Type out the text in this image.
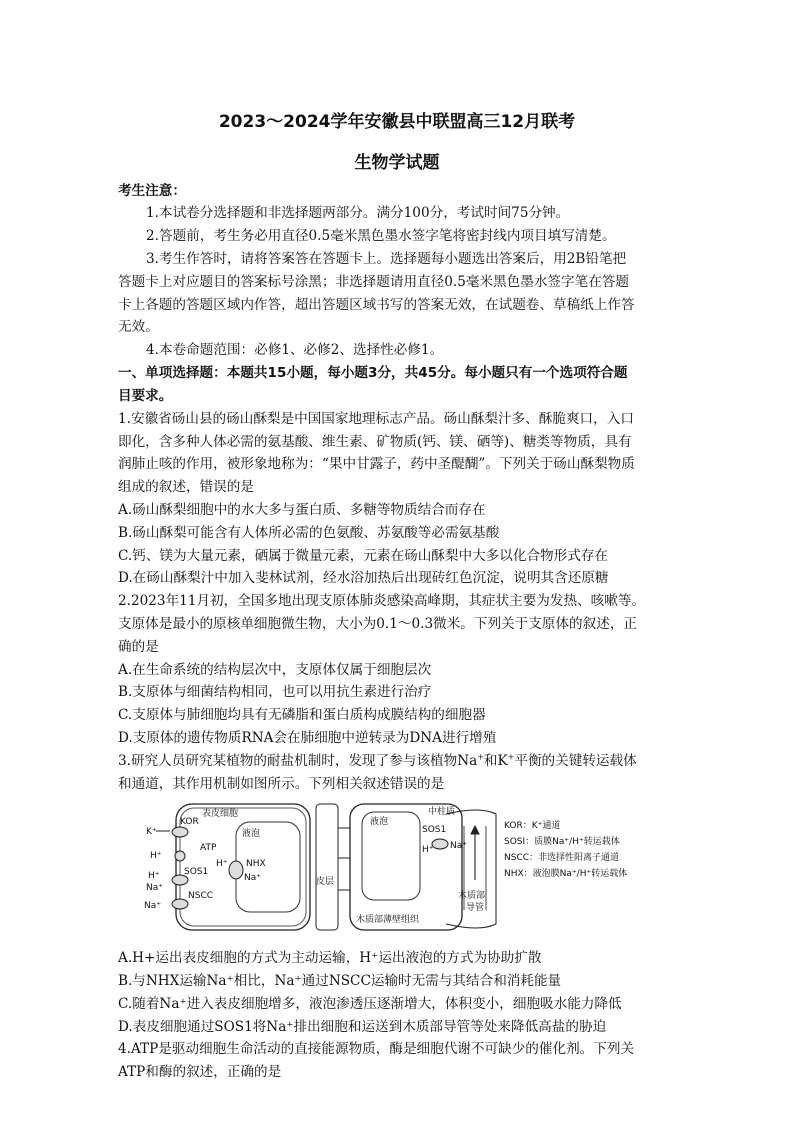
2023～2024学年安徽县中联盟高三12月联考
生物学试题
考生注意：
1.本试卷分选择题和非选择题两部分。满分100分，考试时间75分钟。
2.答题前，考生务必用直径0.5毫米黑色墨水签字笔将密封线内项目填写清楚。
3.考生作答时，请将答案答在答题卡上。选择题每小题选出答案后，用2B铅笔把
答题卡上对应题目的答案标号涂黑；非选择题请用直径0.5毫米黑色墨水签字笔在答题
卡上各题的答题区域内作答，超出答题区域书写的答案无效，在试题卷、草稿纸上作答
无效。
4.本卷命题范围：必修1、必修2、选择性必修1。
一、单项选择题：本题共15小题，每小题3分，共45分。每小题只有一个选项符合题
目要求。
1.安徽省砀山县的砀山酥梨是中国国家地理标志产品。砀山酥梨汁多、酥脆爽口，入口
即化，含多种人体必需的氨基酸、维生素、矿物质(钙、镁、硒等)、糖类等物质，具有
润肺止咳的作用，被形象地称为：“果中甘露子，药中圣醍醐”。下列关于砀山酥梨物质
组成的叙述，错误的是
A.砀山酥梨细胞中的水大多与蛋白质、多糖等物质结合而存在
B.砀山酥梨可能含有人体所必需的色氨酸、苏氨酸等必需氨基酸
C.钙、镁为大量元素，硒属于微量元素，元素在砀山酥梨中大多以化合物形式存在
D.在砀山酥梨汁中加入斐林试剂，经水浴加热后出现砖红色沉淀，说明其含还原糖
2.2023年11月初，全国多地出现支原体肺炎感染高峰期，其症状主要为发热、咳嗽等。
支原体是最小的原核单细胞微生物，大小为0.1～0.3微米。下列关于支原体的叙述，正
确的是
A.在生命系统的结构层次中，支原体仅属于细胞层次
B.支原体与细菌结构相同，也可以用抗生素进行治疗
C.支原体与肺细胞均具有无磷脂和蛋白质构成膜结构的细胞器
D.支原体的遗传物质RNA会在肺细胞中逆转录为DNA进行增殖
3.研究人员研究某植物的耐盐机制时，发现了参与该植物Na+和K+平衡的关键转运载体
和通道，其作用机制如图所示。下列相关叙述错误的是
表皮细胞
液泡
皮层
液泡
木质部薄壁组织
中柱质
木质部
导管
KOR
K⁺
ATP
H⁺
SOS1
H⁺
Na⁺
NSCC
Na⁺
NHX
H⁺
Na⁺
SOS1
H⁺ Na⁺
KOR：K⁺通道
SOSI：质膜Na⁺/H⁺转运载体
NSCC：非选择性阳离子通道
NHX：液泡膜Na⁺/H⁺转运载体
A.H+运出表皮细胞的方式为主动运输，H⁺运出液泡的方式为协助扩散
B.与NHX运输Na⁺相比，Na⁺通过NSCC运输时无需与其结合和消耗能量
C.随着Na⁺进入表皮细胞增多，液泡渗透压逐渐增大，体积变小，细胞吸水能力降低
D.表皮细胞通过SOS1将Na⁺排出细胞和运送到木质部导管等处来降低高盐的胁迫
4.ATP是驱动细胞生命活动的直接能源物质，酶是细胞代谢不可缺少的催化剂。下列关
ATP和酶的叙述，正确的是
